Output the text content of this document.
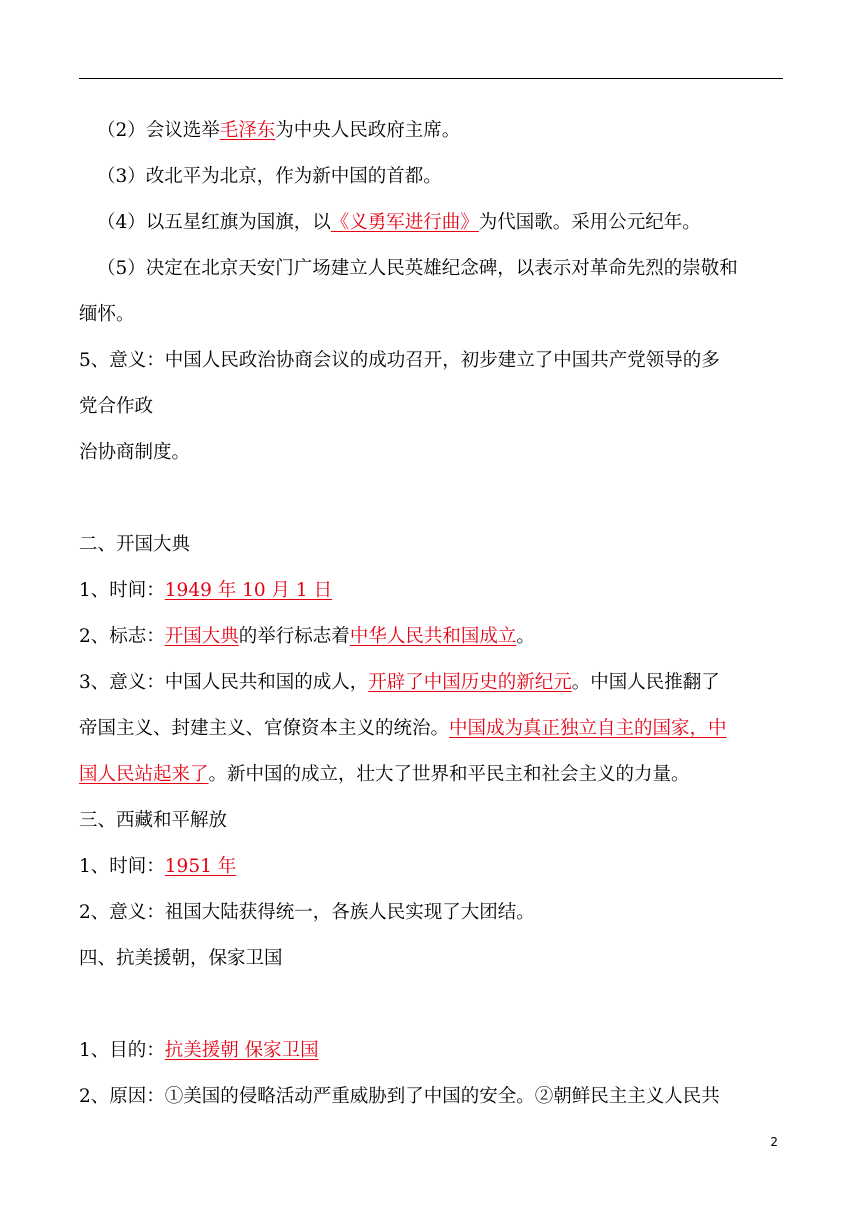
（2）会议选举毛泽东为中央人民政府主席。
（3）改北平为北京，作为新中国的首都。
（4）以五星红旗为国旗，以《义勇军进行曲》为代国歌。采用公元纪年。
（5）决定在北京天安门广场建立人民英雄纪念碑，以表示对革命先烈的崇敬和
缅怀。
5、意义：中国人民政治协商会议的成功召开，初步建立了中国共产党领导的多
党合作政
治协商制度。
二、开国大典
1、时间：1949 年 10 月 1 日
2、标志：开国大典的举行标志着中华人民共和国成立。
3、意义：中国人民共和国的成人，开辟了中国历史的新纪元。中国人民推翻了
帝国主义、封建主义、官僚资本主义的统治。中国成为真正独立自主的国家，中
国人民站起来了。新中国的成立，壮大了世界和平民主和社会主义的力量。
三、西藏和平解放
1、时间：1951 年
2、意义：祖国大陆获得统一，各族人民实现了大团结。
四、抗美援朝，保家卫国
1、目的：抗美援朝 保家卫国
2、原因：①美国的侵略活动严重威胁到了中国的安全。②朝鲜民主主义人民共
2
